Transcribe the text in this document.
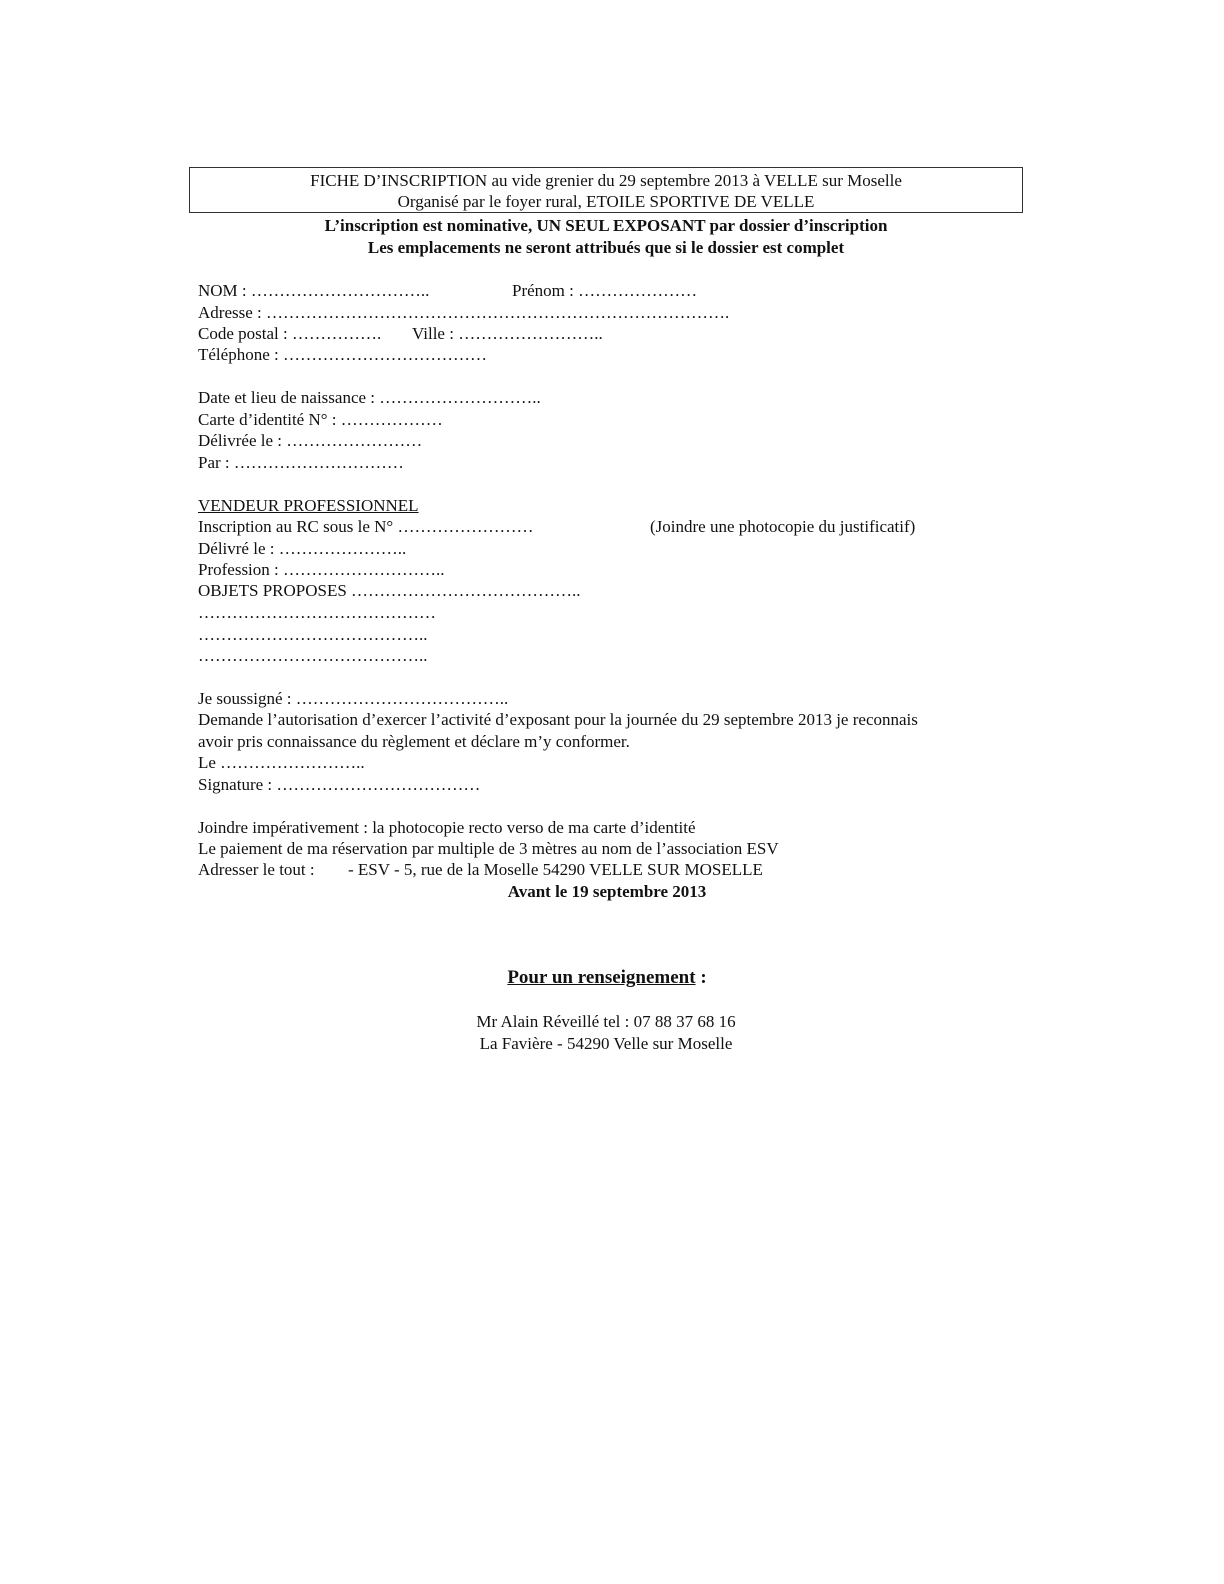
FICHE D’INSCRIPTION au vide grenier du 29 septembre 2013 à VELLE sur Moselle
Organisé par le foyer rural, ETOILE SPORTIVE DE VELLE
L’inscription est nominative, UN SEUL EXPOSANT par dossier d’inscription
Les emplacements ne seront attribués que si le dossier est complet
NOM : …………………………..	Prénom : …………………
Adresse : ……………………………………………………………………….
Code postal : ……………. Ville : ……………………..
Téléphone : ………………………………
Date et lieu de naissance : ………………………..
Carte d’identité N° : ………………
Délivrée le : ……………………
Par : …………………………
VENDEUR PROFESSIONNEL
Inscription au RC sous le N° ……………………	(Joindre une photocopie du justificatif)
Délivré le : …………………..
Profession : ………………………..
OBJETS PROPOSES …………………………………..
……………………………………
…………………………………..
…………………………………..
Je soussigné : ………………………………..
Demande l’autorisation d’exercer l’activité d’exposant pour la journée du 29 septembre 2013 je reconnais
avoir pris connaissance du règlement et déclare m’y conformer.
Le ……………………..
Signature : ………………………………
Joindre impérativement : la photocopie recto verso de ma carte d’identité
Le paiement de ma réservation par multiple de 3 mètres au nom de l’association ESV
Adresser le tout : - ESV - 5, rue de la Moselle 54290 VELLE SUR MOSELLE
Avant le 19 septembre 2013
Pour un renseignement :
Mr Alain Réveillé tel : 07 88 37 68 16
La Favière - 54290 Velle sur Moselle
